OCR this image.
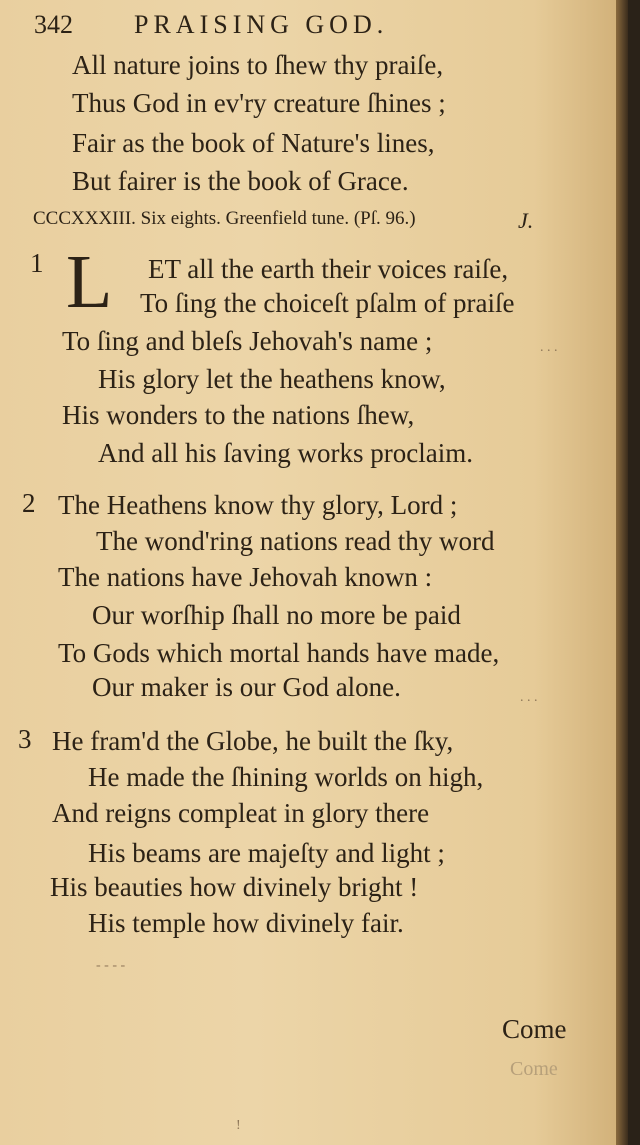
342 PRAISING GOD.
All nature joins to ſhew thy praiſe,
Thus God in ev'ry creature ſhines ;
Fair as the book of Nature's lines,
But fairer is the book of Grace.
CCCXXXIII. Six eights. Greenfield tune. (Pſ. 96.)	J.
1 L ET all the earth their voices raiſe,
To ſing the choiceſt pſalm of praiſe
To ſing and bleſs Jehovah's name ;
His glory let the heathens know,
His wonders to the nations ſhew,
And all his ſaving works proclaim.
2 The Heathens know thy glory, Lord ;
The wond'ring nations read thy word
The nations have Jehovah known :
Our worſhip ſhall no more be paid
To Gods which mortal hands have made,
Our maker is our God alone.
3 He fram'd the Globe, he built the ſky,
He made the ſhining worlds on high,
And reigns compleat in glory there
His beams are majeſty and light ;
His beauties how divinely bright !
His temple how divinely fair.
Come
Come
- - - -
. . .
. . .
!
